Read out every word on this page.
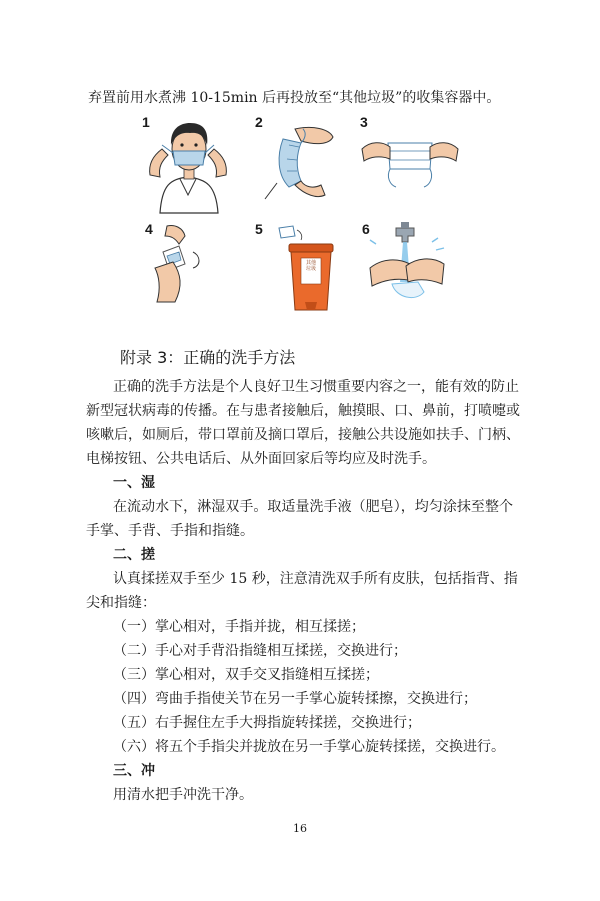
弃置前用水煮沸 10-15min 后再投放至“其他垃圾”的收集容器中。
1	2	3
4	5
其他垃圾
6
附录 3：正确的洗手方法
正确的洗手方法是个人良好卫生习惯重要内容之一，能有效的防止
新型冠状病毒的传播。在与患者接触后，触摸眼、口、鼻前，打喷嚏或
咳嗽后，如厕后，带口罩前及摘口罩后，接触公共设施如扶手、门柄、
电梯按钮、公共电话后、从外面回家后等均应及时洗手。
一、湿
在流动水下，淋湿双手。取适量洗手液（肥皂），均匀涂抹至整个
手掌、手背、手指和指缝。
二、搓
认真揉搓双手至少 15 秒，注意清洗双手所有皮肤，包括指背、指
尖和指缝：
（一）掌心相对，手指并拢，相互揉搓；
（二）手心对手背沿指缝相互揉搓，交换进行；
（三）掌心相对，双手交叉指缝相互揉搓；
（四）弯曲手指使关节在另一手掌心旋转揉擦，交换进行；
（五）右手握住左手大拇指旋转揉搓，交换进行；
（六）将五个手指尖并拢放在另一手掌心旋转揉搓，交换进行。
三、冲
用清水把手冲洗干净。
16
